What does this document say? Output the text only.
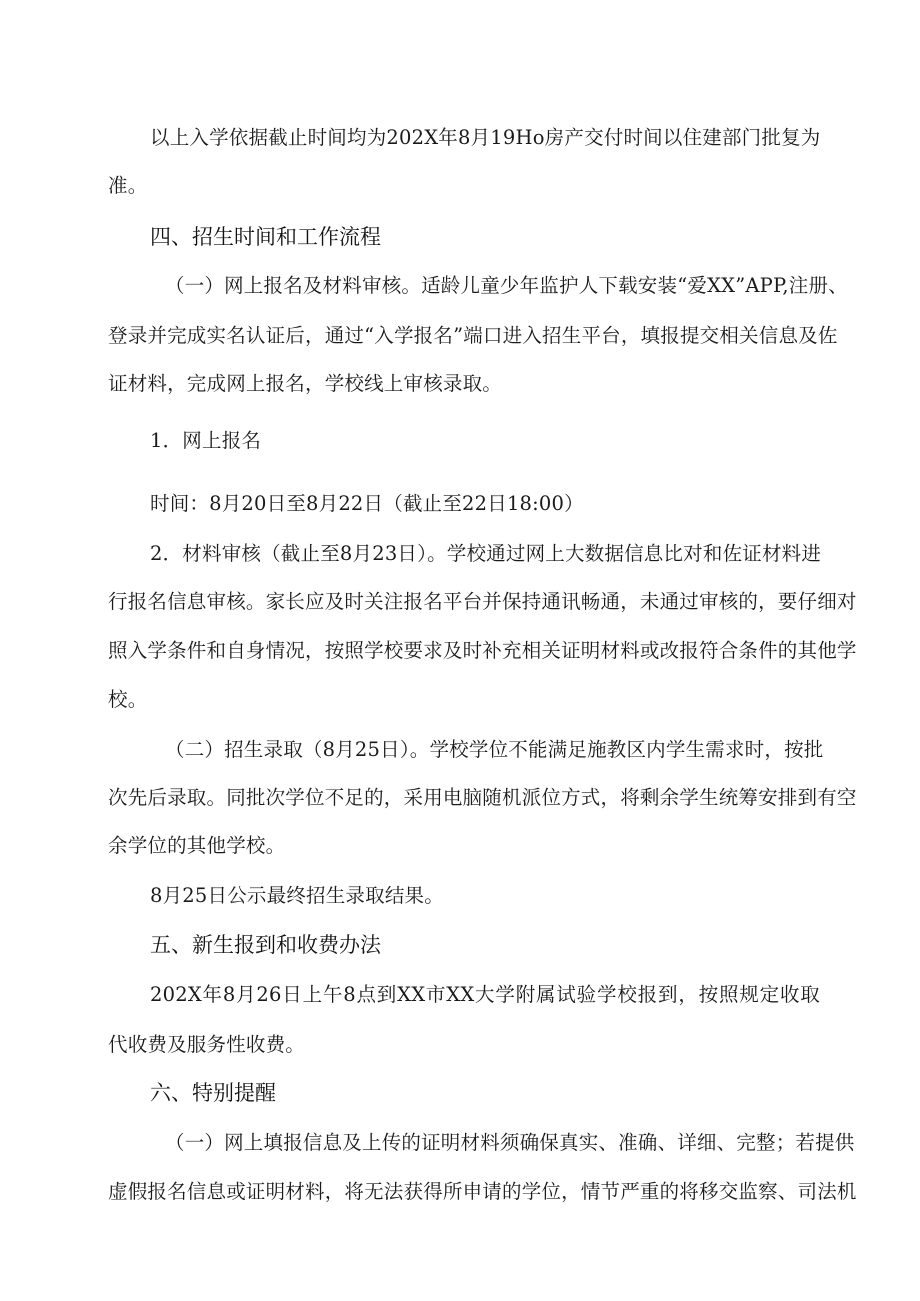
以上入学依据截止时间均为202X年8月19Ho房产交付时间以住建部门批复为
准。
四、招生时间和工作流程
（一）网上报名及材料审核。适龄儿童少年监护人下载安装“爱XX”APP,注册、
登录并完成实名认证后，通过“入学报名”端口进入招生平台，填报提交相关信息及佐
证材料，完成网上报名，学校线上审核录取。
1．网上报名
时间：8月20日至8月22日（截止至22日18:00）
2．材料审核（截止至8月23日）。学校通过网上大数据信息比对和佐证材料进
行报名信息审核。家长应及时关注报名平台并保持通讯畅通，未通过审核的，要仔细对
照入学条件和自身情况，按照学校要求及时补充相关证明材料或改报符合条件的其他学
校。
（二）招生录取（8月25日）。学校学位不能满足施教区内学生需求时，按批
次先后录取。同批次学位不足的，采用电脑随机派位方式，将剩余学生统筹安排到有空
余学位的其他学校。
8月25日公示最终招生录取结果。
五、新生报到和收费办法
202X年8月26日上午8点到XX市XX大学附属试验学校报到，按照规定收取
代收费及服务性收费。
六、特别提醒
（一）网上填报信息及上传的证明材料须确保真实、准确、详细、完整；若提供
虚假报名信息或证明材料，将无法获得所申请的学位，情节严重的将移交监察、司法机
